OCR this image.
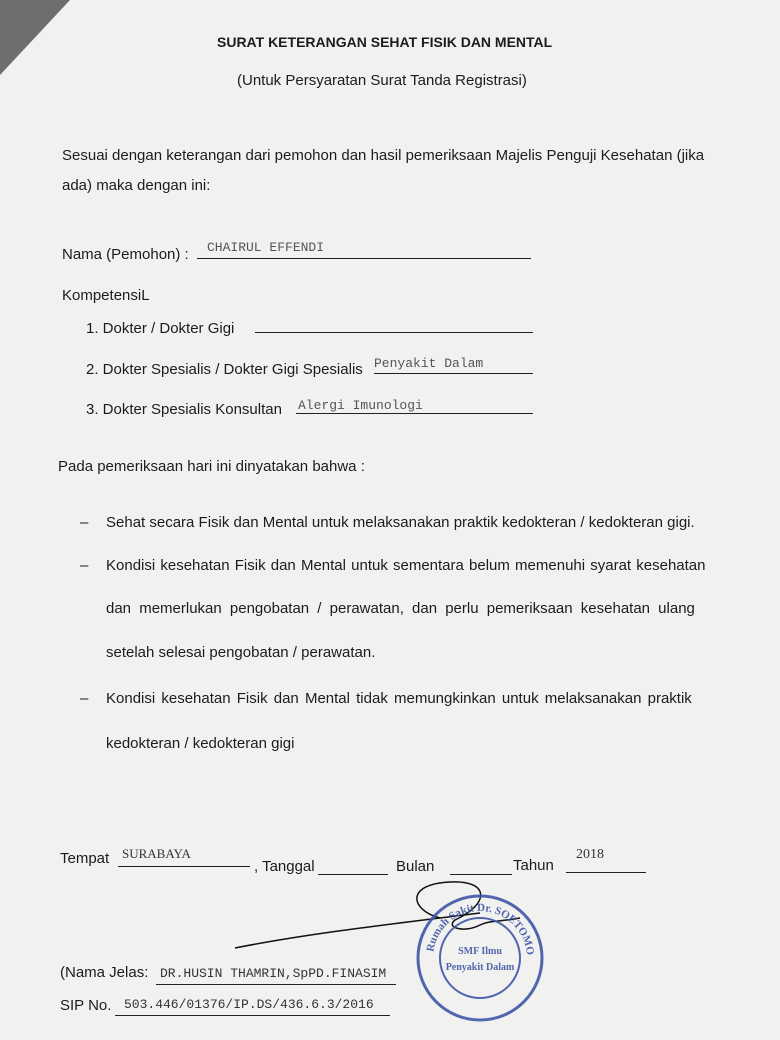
SURAT KETERANGAN SEHAT FISIK DAN MENTAL
(Untuk Persyaratan Surat Tanda Registrasi)
Sesuai dengan keterangan dari pemohon dan hasil pemeriksaan Majelis Penguji Kesehatan (jika
ada) maka dengan ini:
Nama (Pemohon) : CHAIRUL EFFENDI
KompetensiL
1. Dokter / Dokter Gigi
2. Dokter Spesialis / Dokter Gigi Spesialis Penyakit Dalam
3. Dokter Spesialis Konsultan Alergi Imunologi
Pada pemeriksaan hari ini dinyatakan bahwa :
– Sehat secara Fisik dan Mental untuk melaksanakan praktik kedokteran / kedokteran gigi.
– Kondisi kesehatan Fisik dan Mental untuk sementara belum memenuhi syarat kesehatan
dan memerlukan pengobatan / perawatan, dan perlu pemeriksaan kesehatan ulang
setelah selesai pengobatan / perawatan.
– Kondisi kesehatan Fisik dan Mental tidak memungkinkan untuk melaksanakan praktik
kedokteran / kedokteran gigi
Tempat SURABAYA
, Tanggal	Bulan	Tahun
2018
(Nama Jelas: DR.HUSIN THAMRIN,SpPD.FINASIM
SIP No. 503.446/01376/IP.DS/436.6.3/2016
Rumah Sakit Dr. SOETOMO
SMF Ilmu
Penyakit Dalam
